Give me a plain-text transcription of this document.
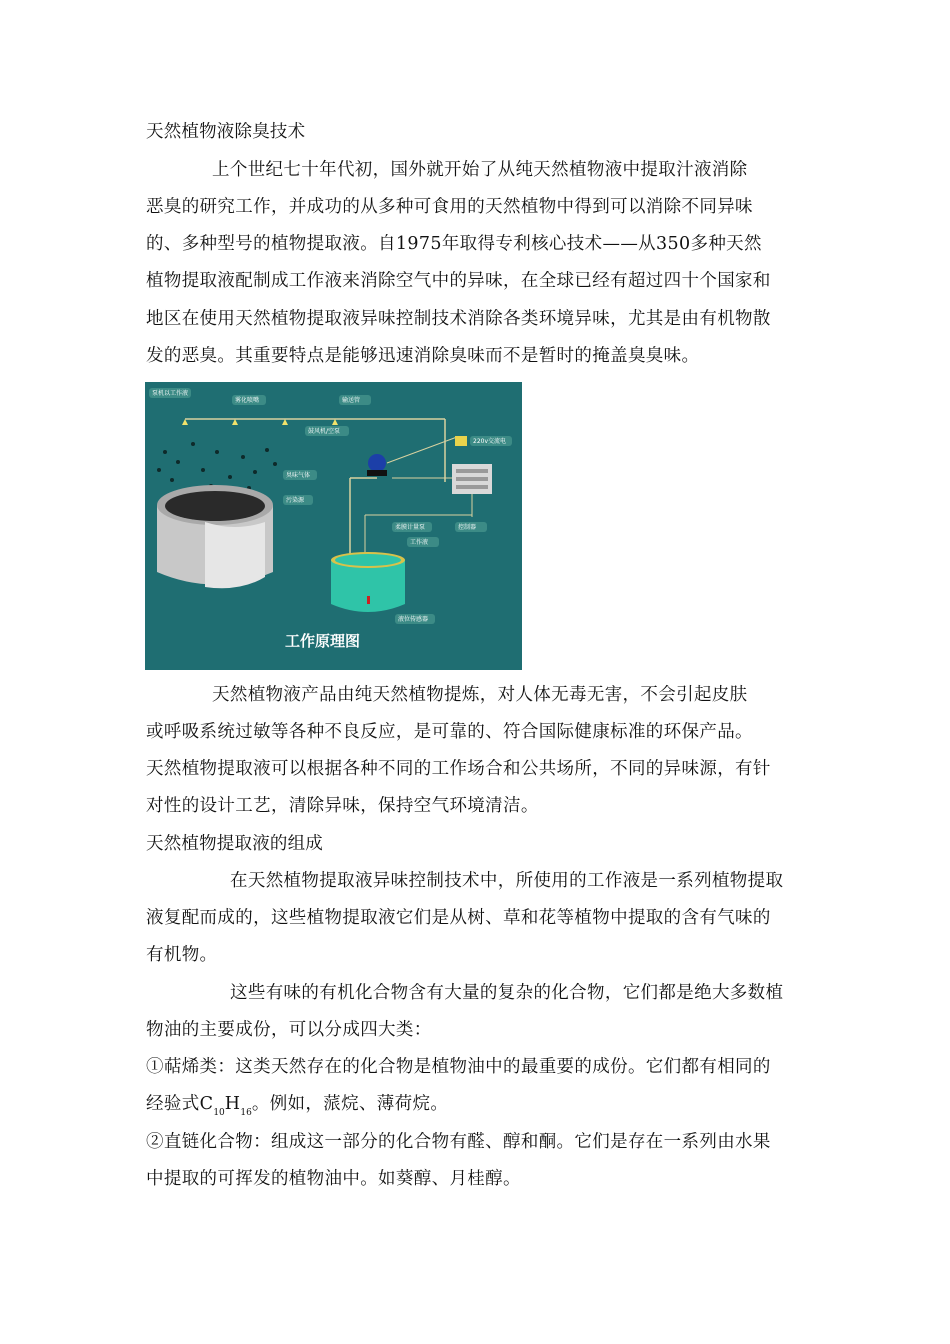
天然植物液除臭技术
上个世纪七十年代初，国外就开始了从纯天然植物液中提取汁液消除
恶臭的研究工作，并成功的从多种可食用的天然植物中得到可以消除不同异味
的、多种型号的植物提取液。自1975年取得专利核心技术——从350多种天然
植物提取液配制成工作液来消除空气中的异味，在全球已经有超过四十个国家和
地区在使用天然植物提取液异味控制技术消除各类环境异味，尤其是由有机物散
发的恶臭。其重要特点是能够迅速消除臭味而不是暂时的掩盖臭臭味。
泵机以工作液
雾化喷嘴	输送管
鼓风机/空泵
臭味气体
污染源
220v交流电
工作液
柔膜计量泵	控制器
液位传感器
工作原理图
天然植物液产品由纯天然植物提炼，对人体无毒无害，不会引起皮肤
或呼吸系统过敏等各种不良反应，是可靠的、符合国际健康标准的环保产品。
天然植物提取液可以根据各种不同的工作场合和公共场所，不同的异味源，有针
对性的设计工艺，清除异味，保持空气环境清洁。
天然植物提取液的组成
在天然植物提取液异味控制技术中，所使用的工作液是一系列植物提取
液复配而成的，这些植物提取液它们是从树、草和花等植物中提取的含有气味的
有机物。
这些有味的有机化合物含有大量的复杂的化合物，它们都是绝大多数植
物油的主要成份，可以分成四大类：
①萜烯类：这类天然存在的化合物是植物油中的最重要的成份。它们都有相同的
经验式$C_{10}H_{16}$。例如，蒎烷、薄荷烷。
②直链化合物：组成这一部分的化合物有醛、醇和酮。它们是存在一系列由水果
中提取的可挥发的植物油中。如葵醇、月桂醇。
